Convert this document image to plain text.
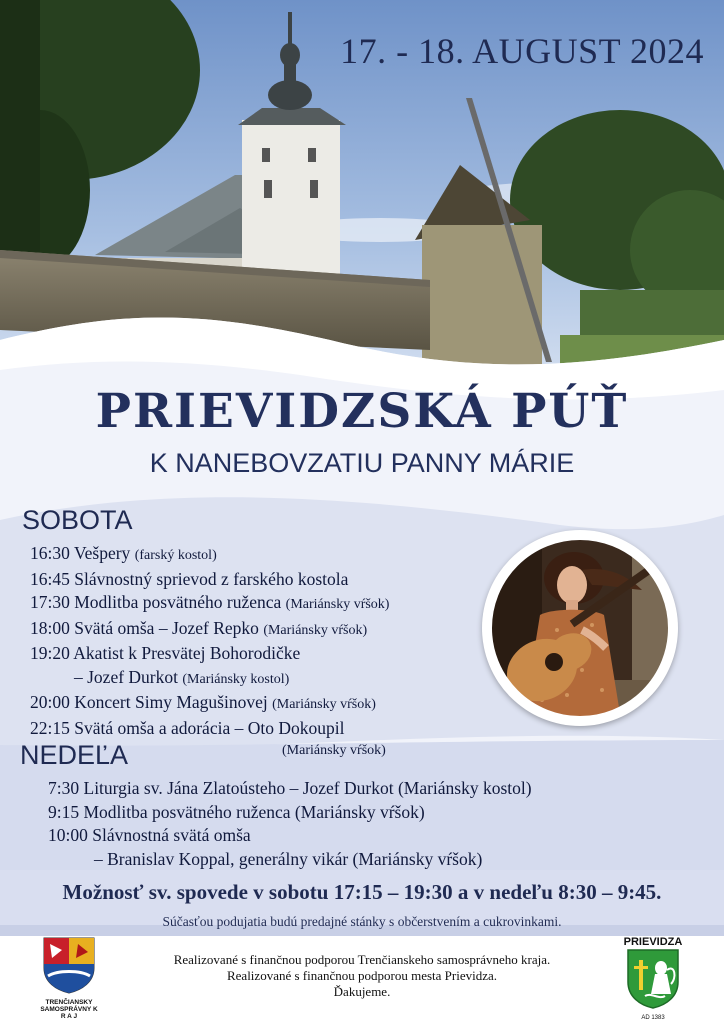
17. - 18. AUGUST 2024
PRIEVIDZSKÁ PÚŤ
K NANEBOVZATIU PANNY MÁRIE
SOBOTA
16:30 Vešpery (farský kostol)
16:45 Slávnostný sprievod z farského kostola
17:30 Modlitba posvätného ruženca (Mariánsky vŕšok)
18:00 Svätá omša – Jozef Repko (Mariánsky vŕšok)
19:20 Akatist k Presvätej Bohorodičke
– Jozef Durkot (Mariánsky kostol)
20:00 Koncert Simy Magušinovej (Mariánsky vŕšok)
22:15 Svätá omša a adorácia – Oto Dokoupil
(Mariánsky vŕšok)
NEDEĽA
7:30 Liturgia sv. Jána Zlatoústeho – Jozef Durkot (Mariánsky kostol)
9:15 Modlitba posvätného ruženca (Mariánsky vŕšok)
10:00 Slávnostná svätá omša
– Branislav Koppal, generálny vikár (Mariánsky vŕšok)
Možnosť sv. spovede v sobotu 17:15 – 19:30 a v nedeľu 8:30 – 9:45.
Súčasťou podujatia budú predajné stánky s občerstvením a cukrovinkami.
TRENČIANSKY SAMOSPRÁVNY K R A J
Realizované s finančnou podporou Trenčianskeho samosprávneho kraja.
Realizované s finančnou podporou mesta Prievidza.
Ďakujeme.
PRIEVIDZA
AD 1383
